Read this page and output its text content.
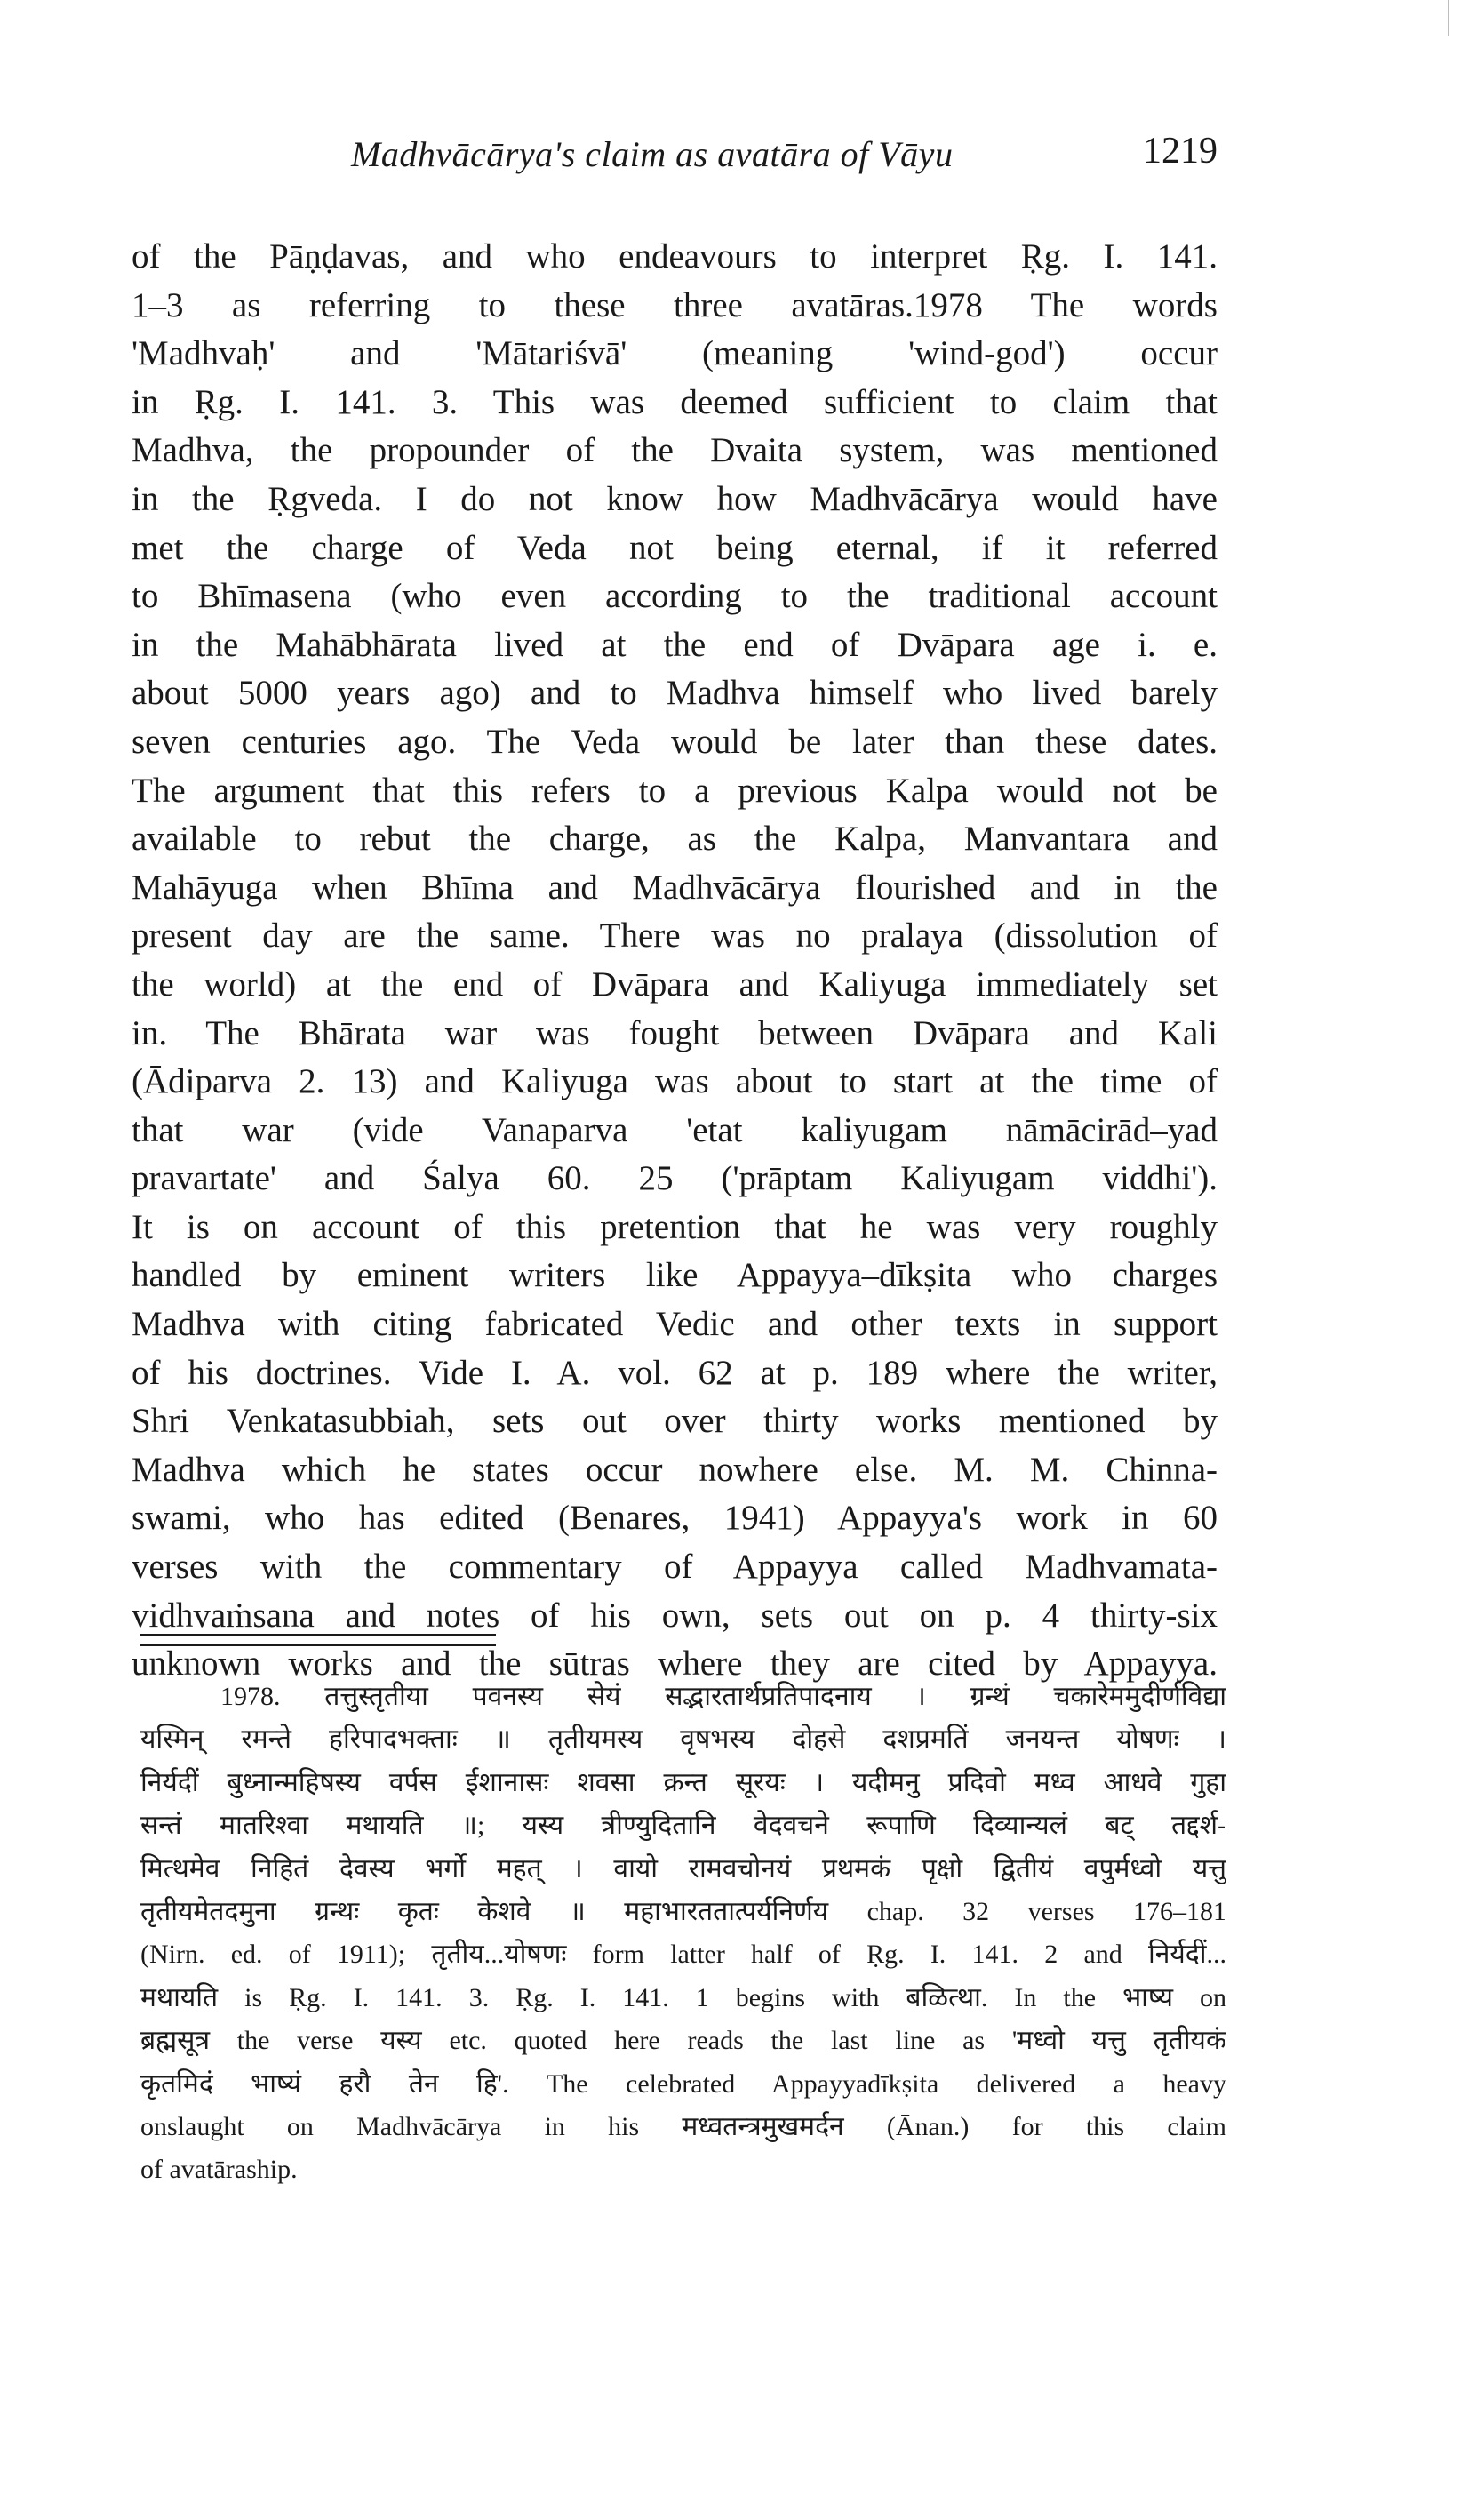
Madhvācārya's claim as avatāra of Vāyu	1219
of the Pāṇḍavas, and who endeavours to interpret Ṛg. I. 141.
1–3 as referring to these three avatāras.1978 The words
'Madhvaḥ' and 'Mātariśvā' (meaning 'wind-god') occur
in Ṛg. I. 141. 3. This was deemed sufficient to claim that
Madhva, the propounder of the Dvaita system, was mentioned
in the Ṛgveda. I do not know how Madhvācārya would have
met the charge of Veda not being eternal, if it referred
to Bhīmasena (who even according to the traditional account
in the Mahābhārata lived at the end of Dvāpara age i. e.
about 5000 years ago) and to Madhva himself who lived barely
seven centuries ago. The Veda would be later than these dates.
The argument that this refers to a previous Kalpa would not be
available to rebut the charge, as the Kalpa, Manvantara and
Mahāyuga when Bhīma and Madhvācārya flourished and in the
present day are the same. There was no pralaya (dissolution of
the world) at the end of Dvāpara and Kaliyuga immediately set
in. The Bhārata war was fought between Dvāpara and Kali
(Ādiparva 2. 13) and Kaliyuga was about to start at the time of
that war (vide Vanaparva 'etat kaliyugam nāmācirād–yad
pravartate' and Śalya 60. 25 ('prāptam Kaliyugam viddhi').
It is on account of this pretention that he was very roughly
handled by eminent writers like Appayya–dīkṣita who charges
Madhva with citing fabricated Vedic and other texts in support
of his doctrines. Vide I. A. vol. 62 at p. 189 where the writer,
Shri Venkatasubbiah, sets out over thirty works mentioned by
Madhva which he states occur nowhere else. M. M. Chinna-
swami, who has edited (Benares, 1941) Appayya's work in 60
verses with the commentary of Appayya called Madhvamata-
vidhvaṁsana and notes of his own, sets out on p. 4 thirty-six
unknown works and the sūtras where they are cited by Appayya.
1978. तत्तुस्तृतीया पवनस्य सेयं सद्भारतार्थप्रतिपादनाय । ग्रन्थं चकारेममुदीर्णविद्या
यस्मिन् रमन्ते हरिपादभक्ताः ॥ तृतीयमस्य वृषभस्य दोहसे दशप्रमतिं जनयन्त योषणः ।
निर्यदीं बुध्नान्महिषस्य वर्पस ईशानासः शवसा क्रन्त सूरयः । यदीमनु प्रदिवो मध्व आधवे गुहा
सन्तं मातरिश्वा मथायति ॥; यस्य त्रीण्युदितानि वेदवचने रूपाणि दिव्यान्यलं बट् तद्दर्श-
मित्थमेव निहितं देवस्य भर्गो महत् । वायो रामवचोनयं प्रथमकं पृक्षो द्वितीयं वपुर्मध्वो यत्तु
तृतीयमेतदमुना ग्रन्थः कृतः केशवे ॥ महाभारततात्पर्यनिर्णय chap. 32 verses 176–181
(Nirn. ed. of 1911); तृतीय...योषणः form latter half of Ṛg. I. 141. 2 and निर्यदीं...
मथायति is Ṛg. I. 141. 3. Ṛg. I. 141. 1 begins with बळित्था. In the भाष्य on
ब्रह्मसूत्र the verse यस्य etc. quoted here reads the last line as 'मध्वो यत्तु तृतीयकं
कृतमिदं भाष्यं हरौ तेन हि'. The celebrated Appayyadīkṣita delivered a heavy
onslaught on Madhvācārya in his मध्वतन्त्रमुखमर्दन (Ānan.) for this claim
of avatāraship.
